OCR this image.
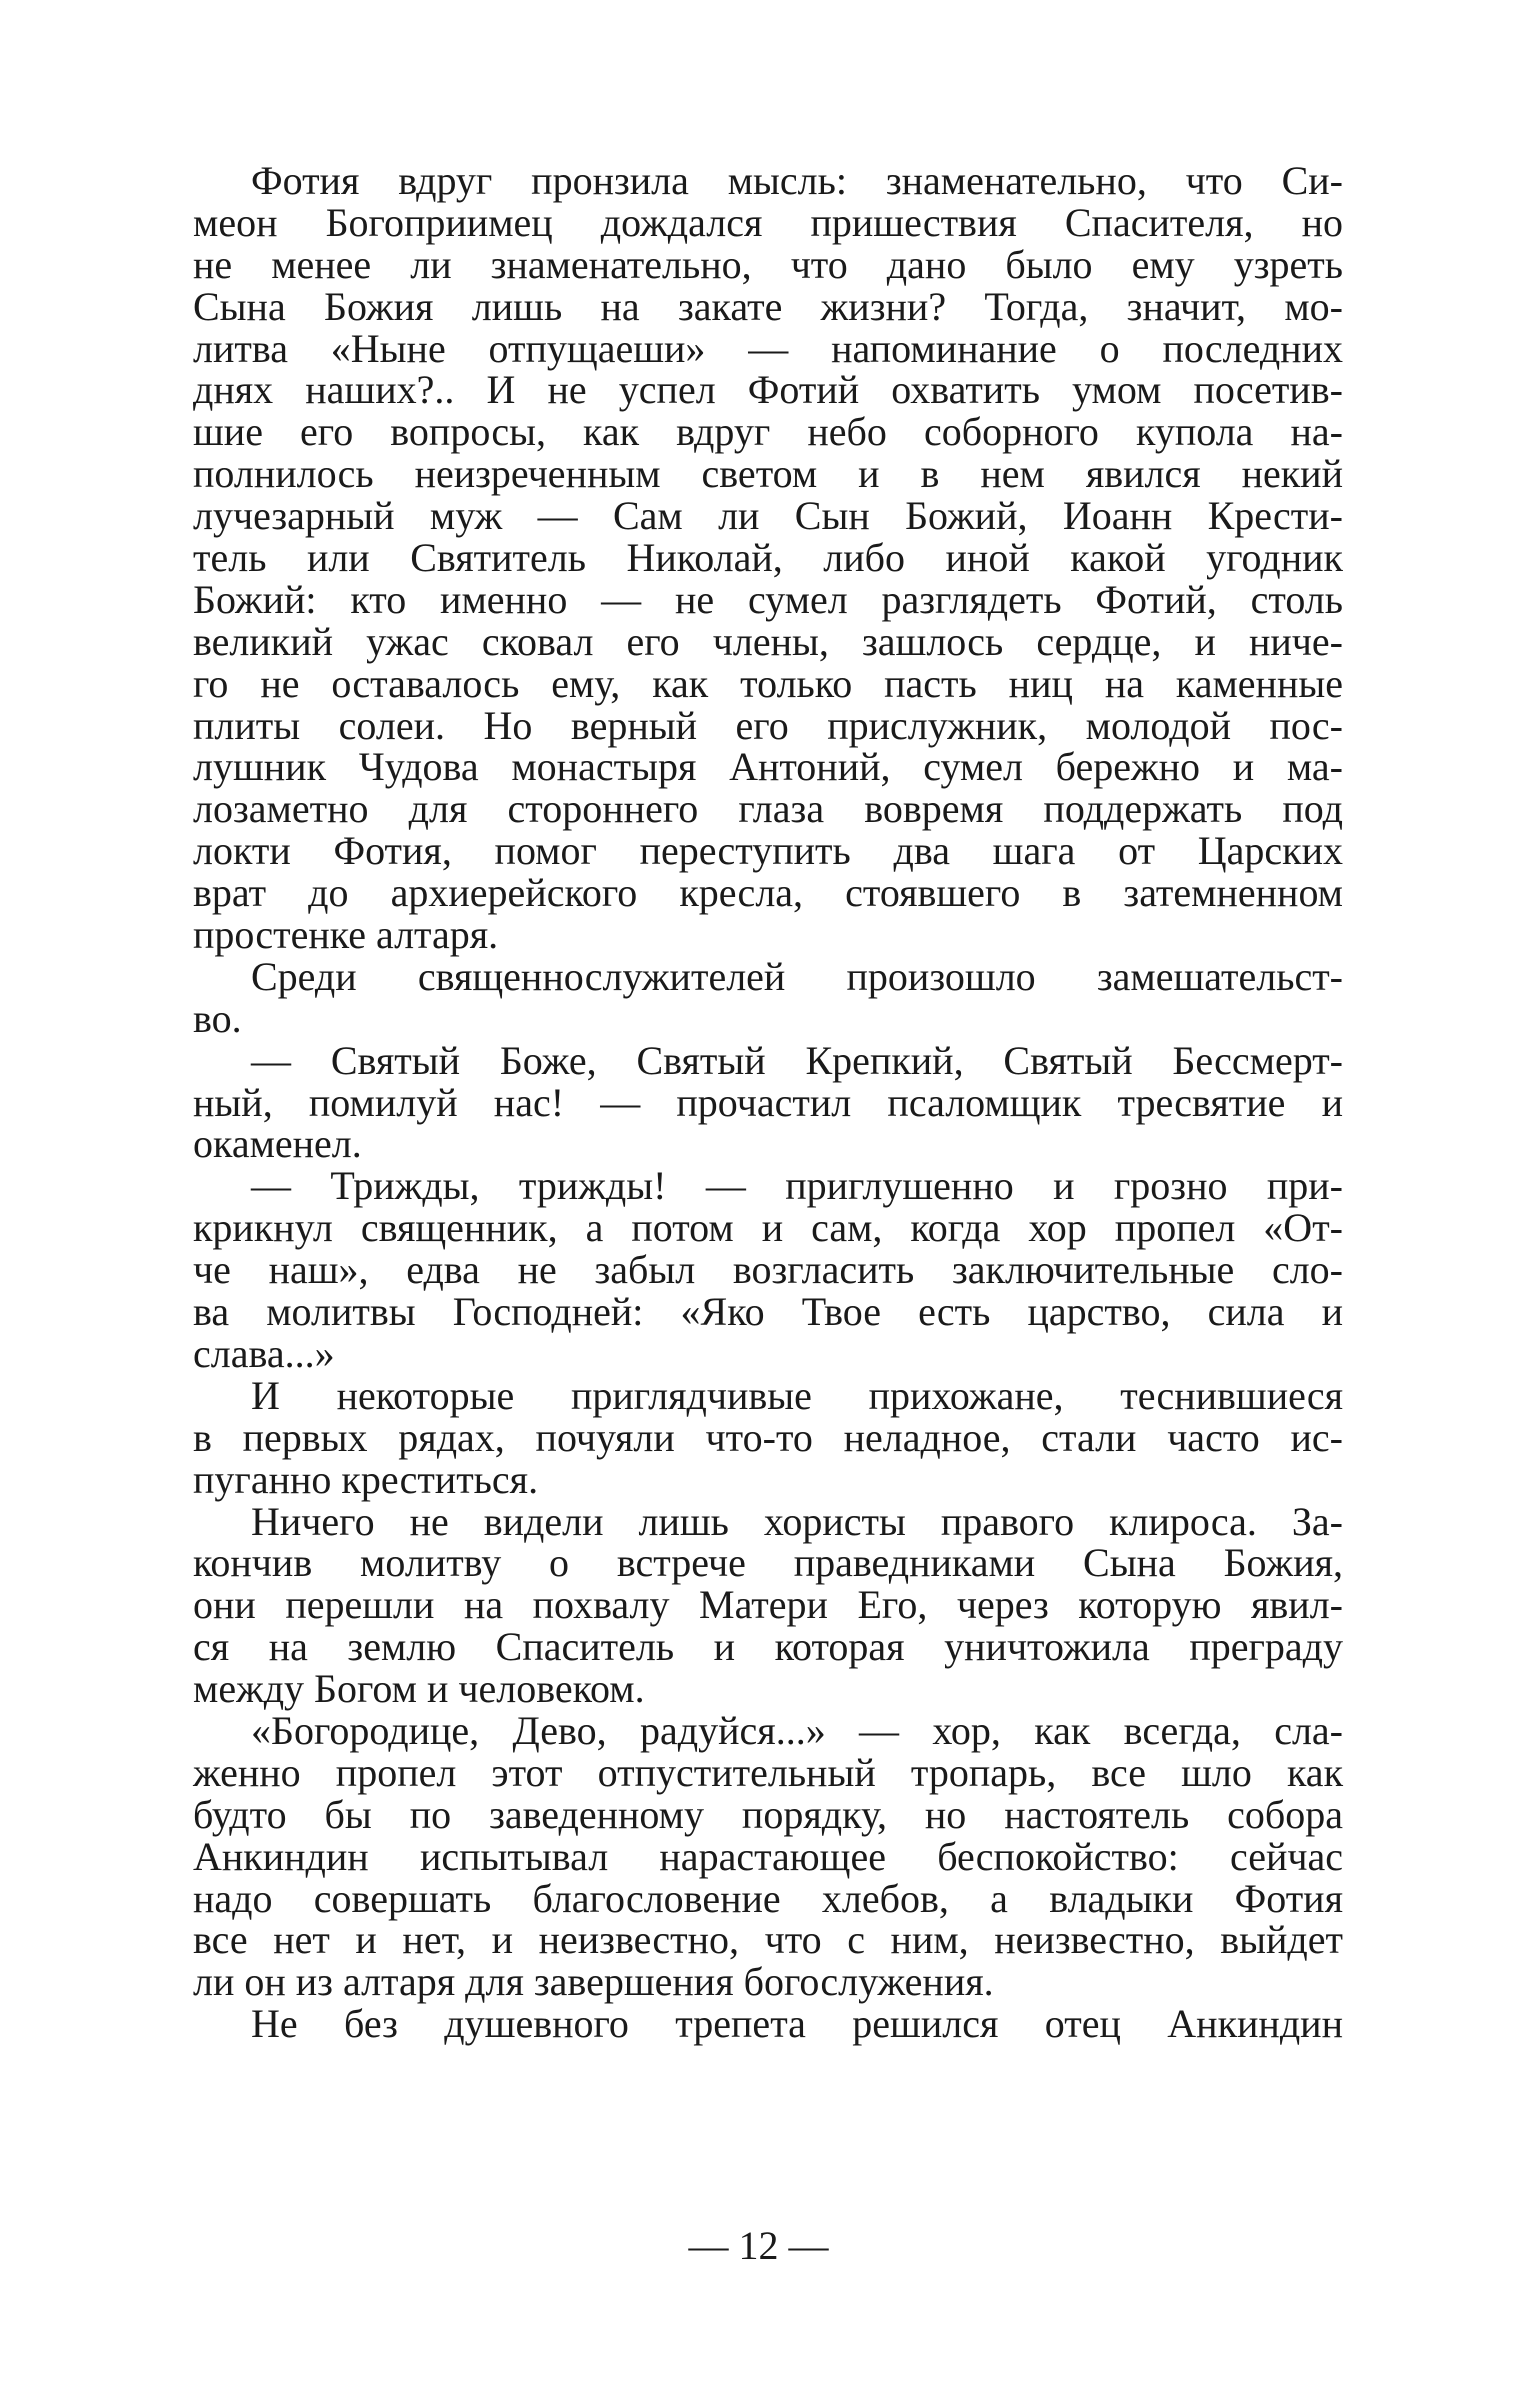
Фотия вдруг пронзила мысль: знаменательно, что Си-
меон Богоприимец дождался пришествия Спасителя, но
не менее ли знаменательно, что дано было ему узреть
Сына Божия лишь на закате жизни? Тогда, значит, мо-
литва «Ныне отпущаеши» — напоминание о последних
днях наших?.. И не успел Фотий охватить умом посетив-
шие его вопросы, как вдруг небо соборного купола на-
полнилось неизреченным светом и в нем явился некий
лучезарный муж — Сам ли Сын Божий, Иоанн Крести-
тель или Святитель Николай, либо иной какой угодник
Божий: кто именно — не сумел разглядеть Фотий, столь
великий ужас сковал его члены, зашлось сердце, и ниче-
го не оставалось ему, как только пасть ниц на каменные
плиты солеи. Но верный его прислужник, молодой пос-
лушник Чудова монастыря Антоний, сумел бережно и ма-
лозаметно для стороннего глаза вовремя поддержать под
локти Фотия, помог переступить два шага от Царских
врат до архиерейского кресла, стоявшего в затемненном
простенке алтаря.
Среди священнослужителей произошло замешательст-
во.
— Святый Боже, Святый Крепкий, Святый Бессмерт-
ный, помилуй нас! — прочастил псаломщик тресвятие и
окаменел.
— Трижды, трижды! — приглушенно и грозно при-
крикнул священник, а потом и сам, когда хор пропел «От-
че наш», едва не забыл возгласить заключительные сло-
ва молитвы Господней: «Яко Твое есть царство, сила и
слава...»
И некоторые приглядчивые прихожане, теснившиеся
в первых рядах, почуяли что-то неладное, стали часто ис-
пуганно креститься.
Ничего не видели лишь хористы правого клироса. За-
кончив молитву о встрече праведниками Сына Божия,
они перешли на похвалу Матери Его, через которую явил-
ся на землю Спаситель и которая уничтожила преграду
между Богом и человеком.
«Богородице, Дево, радуйся...» — хор, как всегда, сла-
женно пропел этот отпустительный тропарь, все шло как
будто бы по заведенному порядку, но настоятель собора
Анкиндин испытывал нарастающее беспокойство: сейчас
надо совершать благословение хлебов, а владыки Фотия
все нет и нет, и неизвестно, что с ним, неизвестно, выйдет
ли он из алтаря для завершения богослужения.
Не без душевного трепета решился отец Анкиндин
— 12 —
